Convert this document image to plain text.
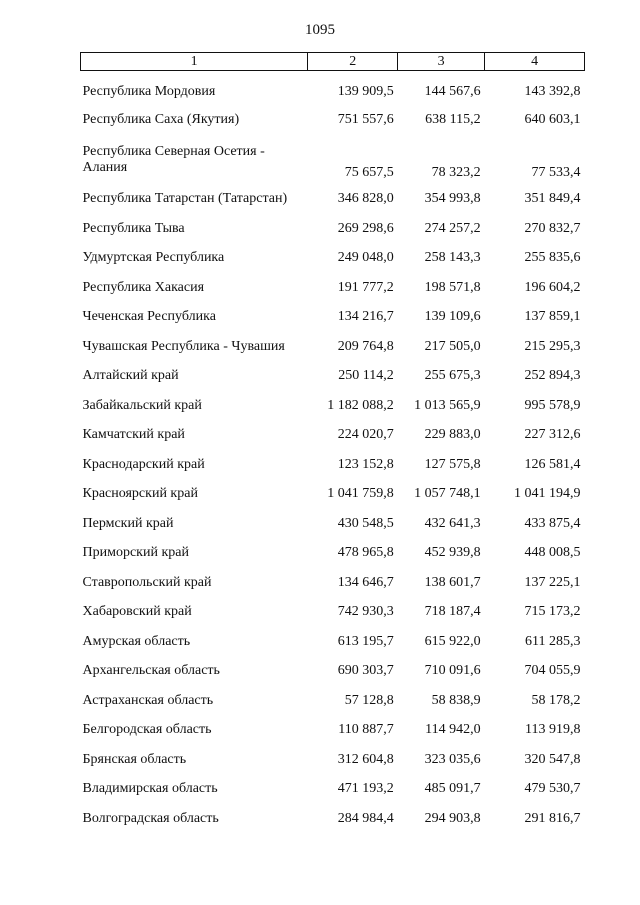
1095
1	2	3	4
Республика Мордовия	139 909,5	144 567,6	143 392,8
Республика Саха (Якутия)	751 557,6	638 115,2	640 603,1
Республика Северная Осетия - Алания	75 657,5	78 323,2	77 533,4
Республика Татарстан (Татарстан)	346 828,0	354 993,8	351 849,4
Республика Тыва	269 298,6	274 257,2	270 832,7
Удмуртская Республика	249 048,0	258 143,3	255 835,6
Республика Хакасия	191 777,2	198 571,8	196 604,2
Чеченская Республика	134 216,7	139 109,6	137 859,1
Чувашская Республика - Чувашия	209 764,8	217 505,0	215 295,3
Алтайский край	250 114,2	255 675,3	252 894,3
Забайкальский край	1 182 088,2	1 013 565,9	995 578,9
Камчатский край	224 020,7	229 883,0	227 312,6
Краснодарский край	123 152,8	127 575,8	126 581,4
Красноярский край	1 041 759,8	1 057 748,1	1 041 194,9
Пермский край	430 548,5	432 641,3	433 875,4
Приморский край	478 965,8	452 939,8	448 008,5
Ставропольский край	134 646,7	138 601,7	137 225,1
Хабаровский край	742 930,3	718 187,4	715 173,2
Амурская область	613 195,7	615 922,0	611 285,3
Архангельская область	690 303,7	710 091,6	704 055,9
Астраханская область	57 128,8	58 838,9	58 178,2
Белгородская область	110 887,7	114 942,0	113 919,8
Брянская область	312 604,8	323 035,6	320 547,8
Владимирская область	471 193,2	485 091,7	479 530,7
Волгоградская область	284 984,4	294 903,8	291 816,7
